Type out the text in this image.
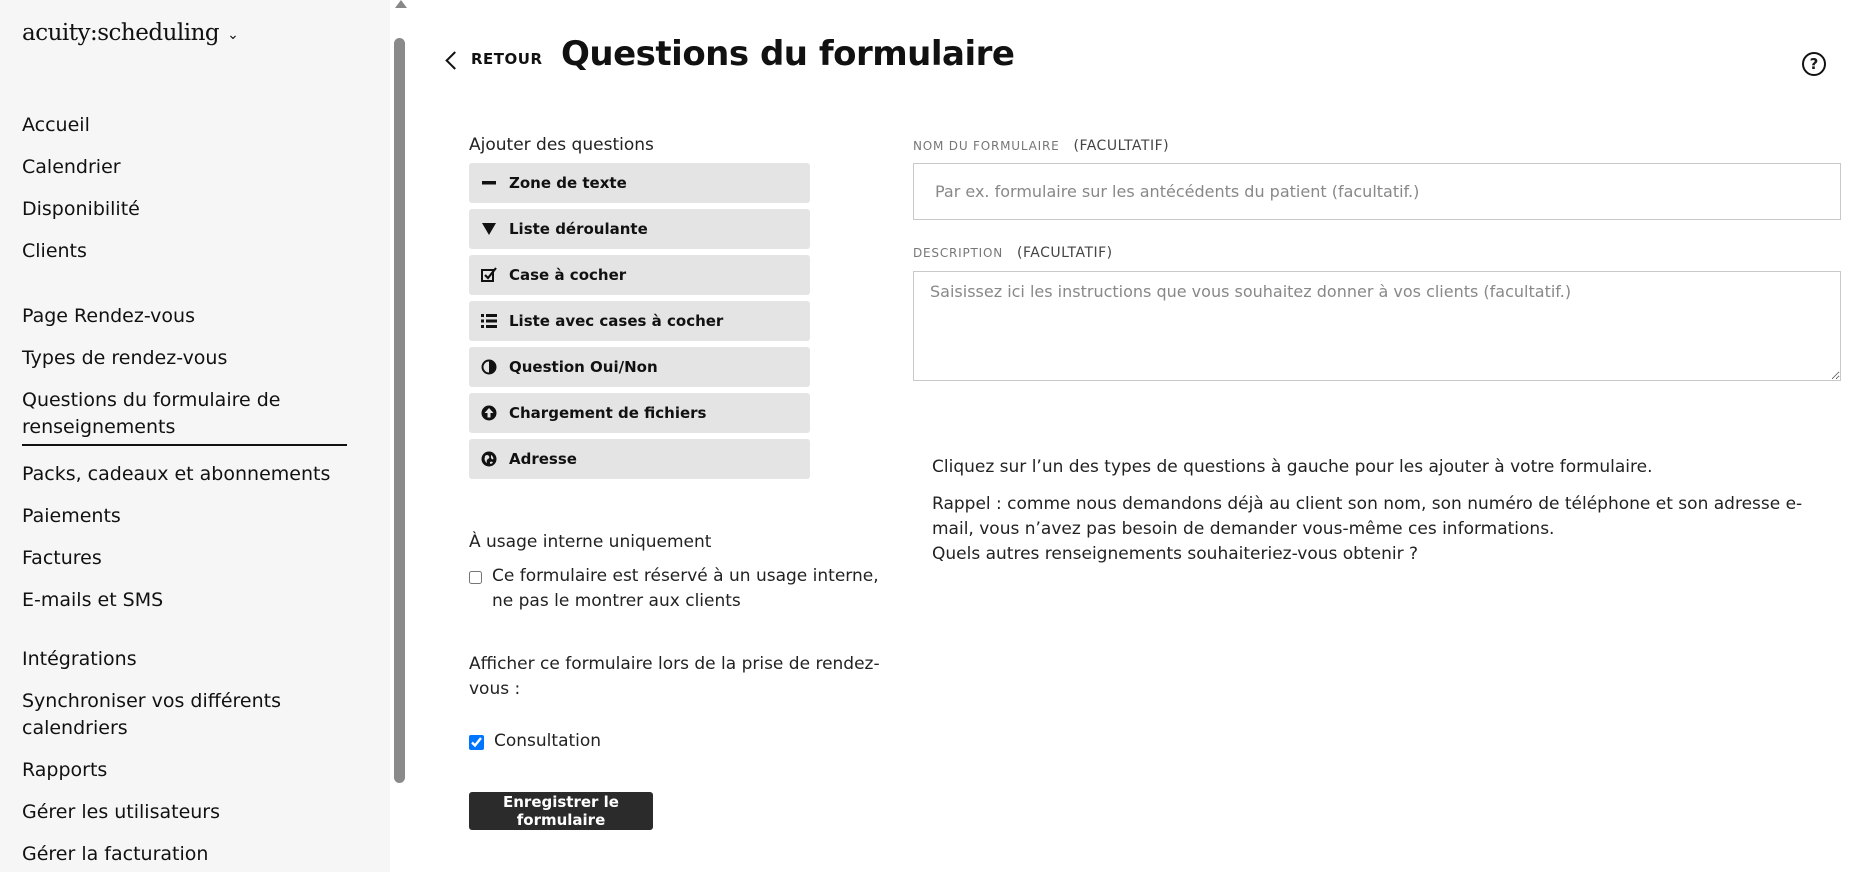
acuity:scheduling ⌄
Accueil
Calendrier
Disponibilité
Clients
Page Rendez-vous
Types de rendez-vous
Questions du formulaire de renseignements
Packs, cadeaux et abonnements
Paiements
Factures
E-mails et SMS
Intégrations
Synchroniser vos différents calendriers
Rapports
Gérer les utilisateurs
Gérer la facturation
RETOUR Questions du formulaire	?
Ajouter des questions
Zone de texte
Liste déroulante
Case à cocher
Liste avec cases à cocher
Question Oui/Non
Chargement de fichiers
Adresse
À usage interne uniquement
Ce formulaire est réservé à un usage interne, ne pas le montrer aux clients
Afficher ce formulaire lors de la prise de rendez-vous :
Consultation
Enregistrer le formulaire
NOM DU FORMULAIRE (FACULTATIF)
Par ex. formulaire sur les antécédents du patient (facultatif.)
DESCRIPTION (FACULTATIF)
Saisissez ici les instructions que vous souhaitez donner à vos clients (facultatif.)
Cliquez sur l’un des types de questions à gauche pour les ajouter à votre formulaire.
Rappel : comme nous demandons déjà au client son nom, son numéro de téléphone et son adresse e-mail, vous n’avez pas besoin de demander vous-même ces informations.
Quels autres renseignements souhaiteriez-vous obtenir ?
